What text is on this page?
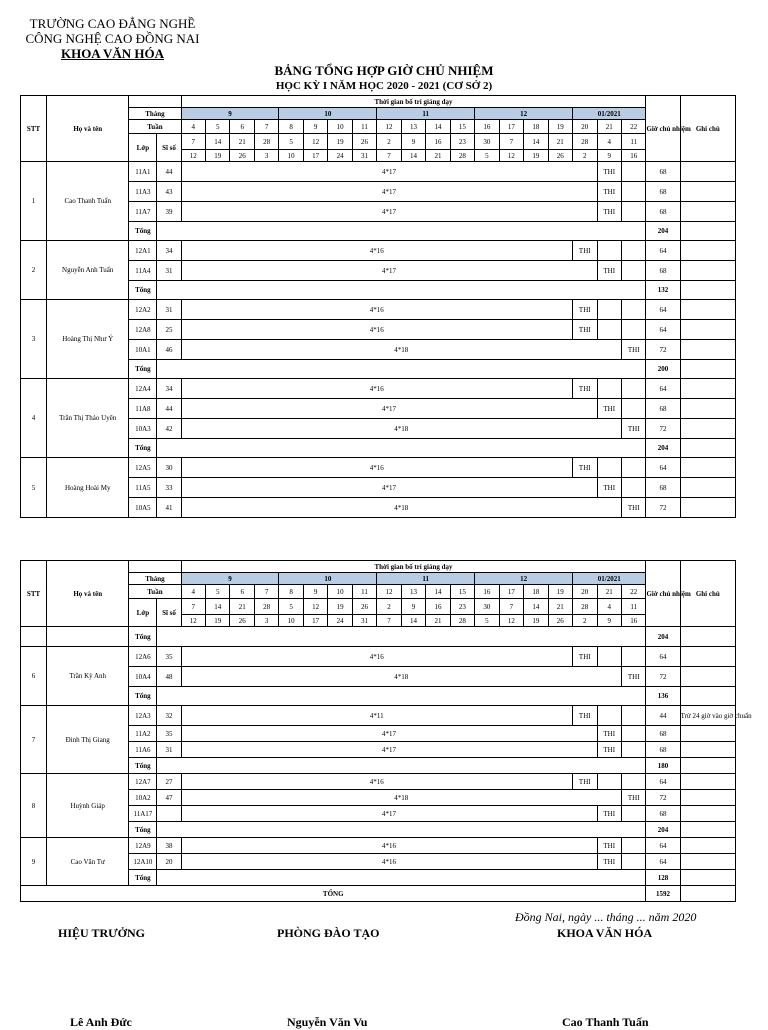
TRƯỜNG CAO ĐẲNG NGHỀ
CÔNG NGHỆ CAO ĐỒNG NAI
KHOA VĂN HÓA
BẢNG TỔNG HỢP GIỜ CHỦ NHIỆM
HỌC KỲ I NĂM HỌC 2020 - 2021 (CƠ SỞ 2)
STT	Họ và tên			Thời gian bố trí giảng dạy																			Giờ chủ nhiệm	Ghi chú
		Tháng		9				10				11				12				01/2021				
		Tuần		4	5	6	7	8	9	10	11	12	13	14	15	16	17	18	19	20	21	22		
		Lớp	Sĩ số	7	14	21	28	5	12	19	26	2	9	16	23	30	7	14	21	28	4	11		
				12	19	26	3	10	17	24	31	7	14	21	28	5	12	19	26	2	9	16		
1	Cao Thanh Tuấn	11A1	44	4*17																	THI		68	
		11A3	43	4*17																	THI		68	
		11A7	39	4*17																	THI		68	
		Tổng																					204	
2	Nguyễn Anh Tuấn	12A1	34	4*16																THI			64	
		11A4	31	4*17																	THI		68	
		Tổng																					132	
3	Hoàng Thị Như Ý	12A2	31	4*16																THI			64	
		12A8	25	4*16																THI			64	
		10A1	46	4*18																		THI	72	
		Tổng																					200	
4	Trần Thị Thảo Uyên	12A4	34	4*16																THI			64	
		11A8	44	4*17																	THI		68	
		10A3	42	4*18																		THI	72	
		Tổng																					204	
5	Hoàng Hoài My	12A5	30	4*16																THI			64	
		11A5	33	4*17																	THI		68	
		10A5	41	4*18																		THI	72	
STT	Họ và tên			Thời gian bố trí giảng dạy																			Giờ chủ nhiệm	Ghi chú
		Tháng		9				10				11				12				01/2021				
		Tuần		4	5	6	7	8	9	10	11	12	13	14	15	16	17	18	19	20	21	22		
		Lớp	Sĩ số	7	14	21	28	5	12	19	26	2	9	16	23	30	7	14	21	28	4	11		
				12	19	26	3	10	17	24	31	7	14	21	28	5	12	19	26	2	9	16		
		Tổng																					204	
6	Trần Kỳ Anh	12A6	35	4*16																THI			64	
		10A4	48	4*18																		THI	72	
		Tổng																					136	
7	Đinh Thị Giang	12A3	32	4*11																THI			44	Trừ 24 giờ vào giờ chuẩn
		11A2	35	4*17																	THI		68	
		11A6	31	4*17																	THI		68	
		Tổng																					180	
8	Huỳnh Giáp	12A7	27	4*16																THI			64	
		10A2	47	4*18																		THI	72	
		11A17		4*17																	THI		68	
		Tổng																					204	
9	Cao Văn Tư	12A9	38	4*16																	THI		64	
		12A10	20	4*16																	THI		64	
		Tổng																					128	
TỔNG																							1592	
Đồng Nai, ngày ... tháng ... năm 2020
HIỆU TRƯỞNG	PHÒNG ĐÀO TẠO	KHOA VĂN HÓA
Lê Anh Đức	Nguyễn Văn Vu	Cao Thanh Tuấn
